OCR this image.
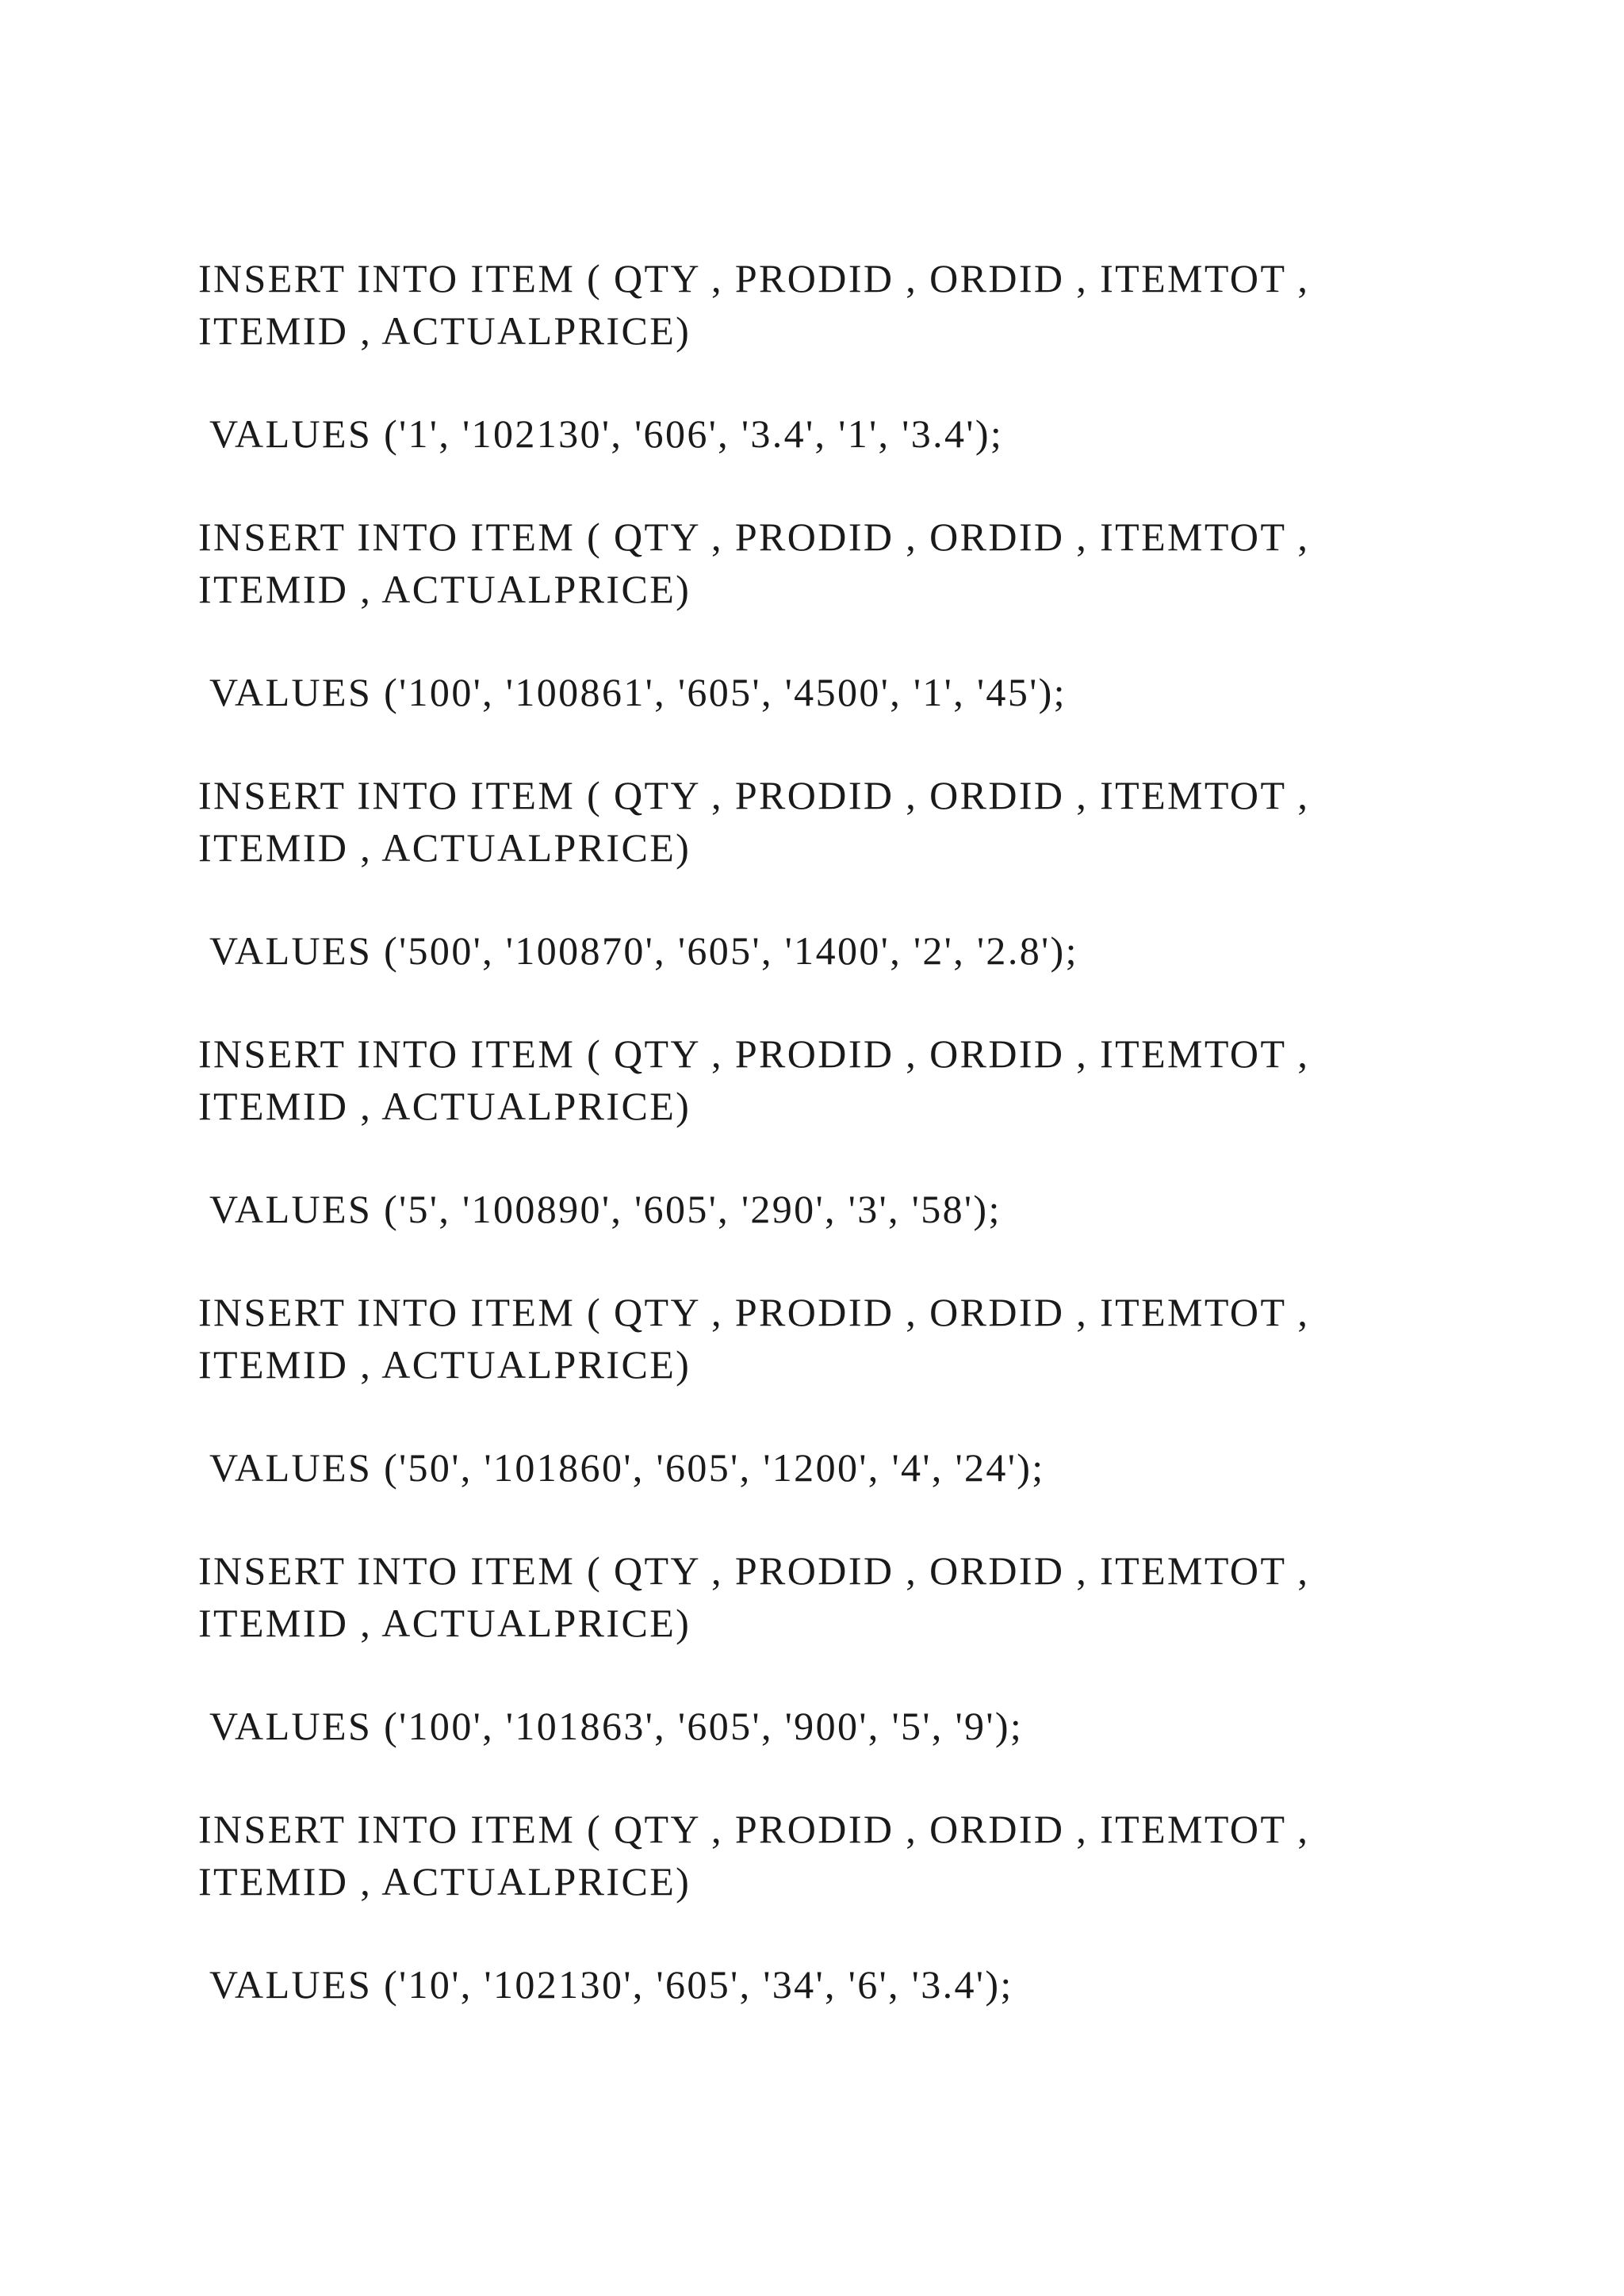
INSERT INTO ITEM ( QTY , PRODID , ORDID , ITEMTOT ,
ITEMID , ACTUALPRICE)
VALUES ('1', '102130', '606', '3.4', '1', '3.4');
INSERT INTO ITEM ( QTY , PRODID , ORDID , ITEMTOT ,
ITEMID , ACTUALPRICE)
VALUES ('100', '100861', '605', '4500', '1', '45');
INSERT INTO ITEM ( QTY , PRODID , ORDID , ITEMTOT ,
ITEMID , ACTUALPRICE)
VALUES ('500', '100870', '605', '1400', '2', '2.8');
INSERT INTO ITEM ( QTY , PRODID , ORDID , ITEMTOT ,
ITEMID , ACTUALPRICE)
VALUES ('5', '100890', '605', '290', '3', '58');
INSERT INTO ITEM ( QTY , PRODID , ORDID , ITEMTOT ,
ITEMID , ACTUALPRICE)
VALUES ('50', '101860', '605', '1200', '4', '24');
INSERT INTO ITEM ( QTY , PRODID , ORDID , ITEMTOT ,
ITEMID , ACTUALPRICE)
VALUES ('100', '101863', '605', '900', '5', '9');
INSERT INTO ITEM ( QTY , PRODID , ORDID , ITEMTOT ,
ITEMID , ACTUALPRICE)
VALUES ('10', '102130', '605', '34', '6', '3.4');
